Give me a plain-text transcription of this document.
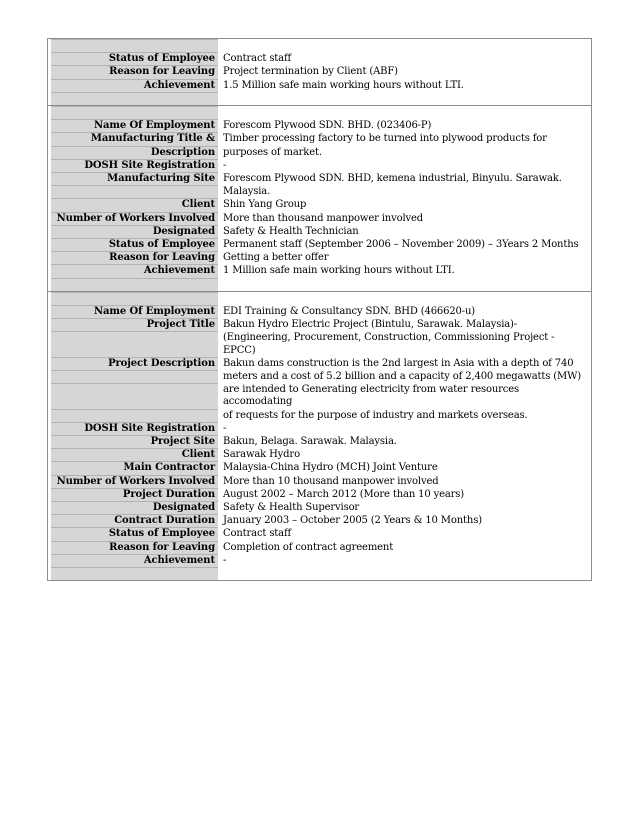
Status of Employee Contract staff
Reason for Leaving Project termination by Client (ABF)
Achievement 1.5 Million safe main working hours without LTI.
Name Of Employment Forescom Plywood SDN. BHD. (023406-P)
Manufacturing Title & Timber processing factory to be turned into plywood products for
Description purposes of market.
DOSH Site Registration -
Manufacturing Site Forescom Plywood SDN. BHD, kemena industrial, Binyulu. Sarawak.
Malaysia.
Client Shin Yang Group
Number of Workers Involved More than thousand manpower involved
Designated Safety & Health Technician
Status of Employee Permanent staff (September 2006 – November 2009) – 3Years 2 Months
Reason for Leaving Getting a better offer
Achievement 1 Million safe main working hours without LTI.
Name Of Employment EDI Training & Consultancy SDN. BHD (466620-u)
Project Title Bakun Hydro Electric Project (Bintulu, Sarawak. Malaysia)-
(Engineering, Procurement, Construction, Commissioning Project - EPCC)
Project Description Bakun dams construction is the 2nd largest in Asia with a depth of 740
meters and a cost of 5.2 billion and a capacity of 2,400 megawatts (MW)
are intended to Generating electricity from water resources accomodating
of requests for the purpose of industry and markets overseas.
DOSH Site Registration -
Project Site Bakun, Belaga. Sarawak. Malaysia.
Client Sarawak Hydro
Main Contractor Malaysia-China Hydro (MCH) Joint Venture
Number of Workers Involved More than 10 thousand manpower involved
Project Duration August 2002 – March 2012 (More than 10 years)
Designated Safety & Health Supervisor
Contract Duration January 2003 – October 2005 (2 Years & 10 Months)
Status of Employee Contract staff
Reason for Leaving Completion of contract agreement
Achievement -
